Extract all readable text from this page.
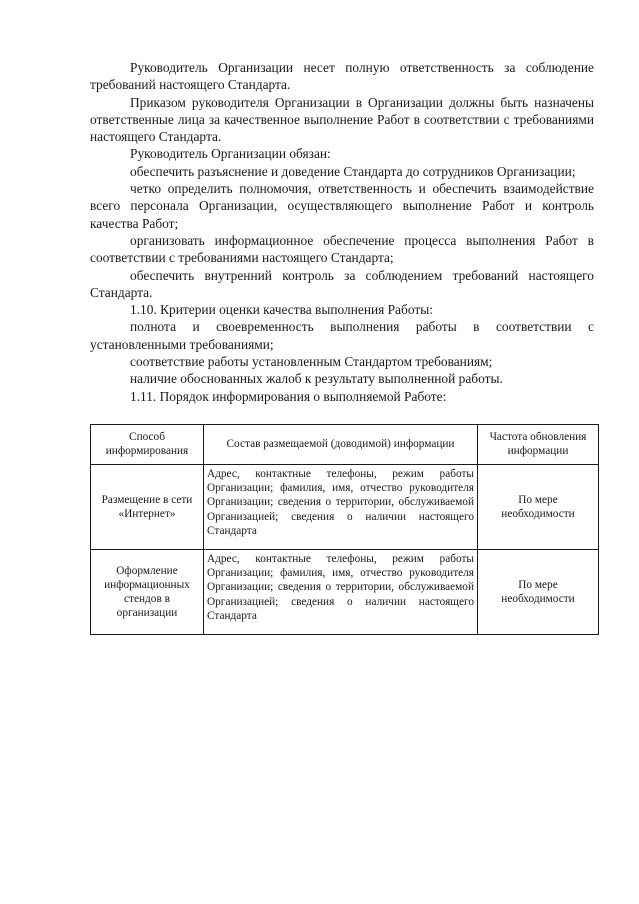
Руководитель Организации несет полную ответственность за соблюдение требований настоящего Стандарта.

Приказом руководителя Организации в Организации должны быть назначены ответственные лица за качественное выполнение Работ в соответствии с требованиями настоящего Стандарта.

Руководитель Организации обязан:

обеспечить разъяснение и доведение Стандарта до сотрудников Организации;

четко определить полномочия, ответственность и обеспечить взаимодействие всего персонала Организации, осуществляющего выполнение Работ и контроль качества Работ;

организовать информационное обеспечение процесса выполнения Работ в соответствии с требованиями настоящего Стандарта;

обеспечить внутренний контроль за соблюдением требований настоящего Стандарта.

1.10. Критерии оценки качества выполнения Работы:

полнота и своевременность выполнения работы в соответствии с установленными требованиями;

соответствие работы установленным Стандартом требованиям;

наличие обоснованных жалоб к результату выполненной работы.

1.11. Порядок информирования о выполняемой Работе:

Способ информирования	Состав размещаемой (доводимой) информации	Частота обновления информации
Размещение в сети «Интернет»	Адрес, контактные телефоны, режим работы Организации; фамилия, имя, отчество руководителя Организации; сведения о территории, обслуживаемой Организацией; сведения о наличии настоящего Стандарта	По мере необходимости
Оформление информационных стендов в организации	Адрес, контактные телефоны, режим работы Организации; фамилия, имя, отчество руководителя Организации; сведения о территории, обслуживаемой Организацией; сведения о наличии настоящего Стандарта	По мере необходимости
